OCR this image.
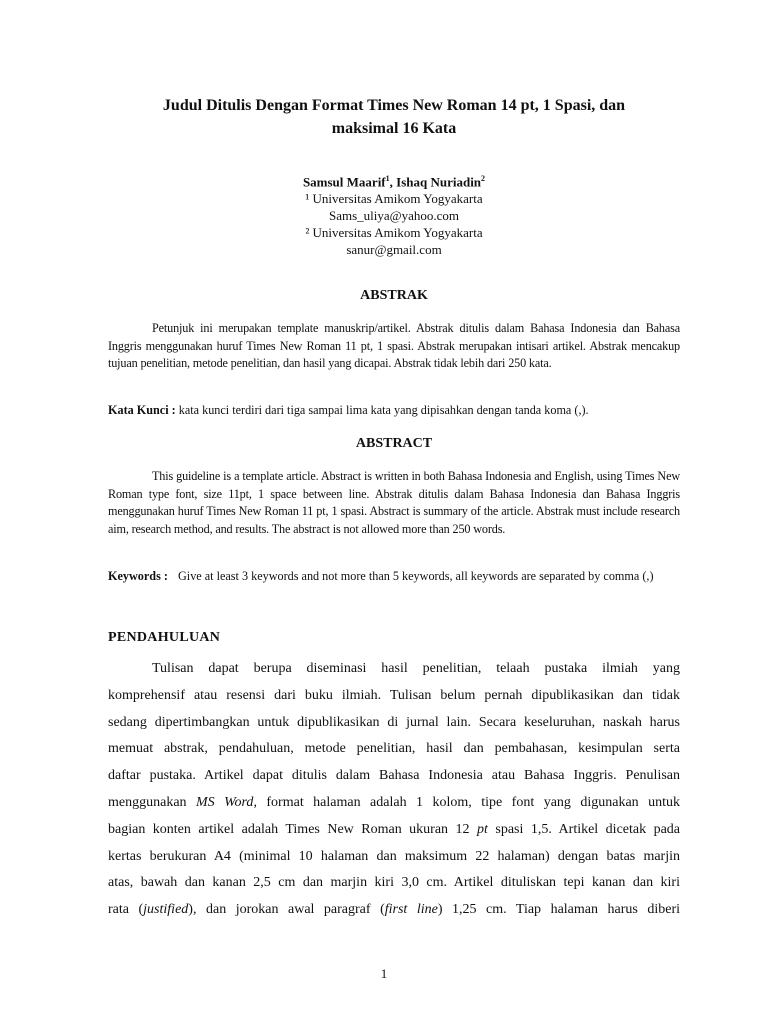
Judul Ditulis Dengan Format Times New Roman 14 pt, 1 Spasi, dan
maksimal 16 Kata
Samsul Maarif$^1$, Ishaq Nuriadin$^2$
¹ Universitas Amikom Yogyakarta
Sams_uliya@yahoo.com
² Universitas Amikom Yogyakarta
sanur@gmail.com
ABSTRAK
Petunjuk ini merupakan template manuskrip/artikel. Abstrak ditulis dalam Bahasa Indonesia dan Bahasa Inggris menggunakan huruf Times New Roman 11 pt, 1 spasi. Abstrak merupakan intisari artikel. Abstrak mencakup tujuan penelitian, metode penelitian, dan hasil yang dicapai. Abstrak tidak lebih dari 250 kata.
Kata Kunci : kata kunci terdiri dari tiga sampai lima kata yang dipisahkan dengan tanda koma (,).
ABSTRACT
This guideline is a template article. Abstract is written in both Bahasa Indonesia and English, using Times New Roman type font, size 11pt, 1 space between line. Abstrak ditulis dalam Bahasa Indonesia dan Bahasa Inggris menggunakan huruf Times New Roman 11 pt, 1 spasi. Abstract is summary of the article. Abstrak must include research aim, research method, and results. The abstract is not allowed more than 250 words.
Keywords : Give at least 3 keywords and not more than 5 keywords, all keywords are separated by comma (,)
PENDAHULUAN
Tulisan dapat berupa diseminasi hasil penelitian, telaah pustaka ilmiah yang
komprehensif atau resensi dari buku ilmiah. Tulisan belum pernah dipublikasikan dan tidak
sedang dipertimbangkan untuk dipublikasikan di jurnal lain. Secara keseluruhan, naskah harus
memuat abstrak, pendahuluan, metode penelitian, hasil dan pembahasan, kesimpulan serta
daftar pustaka. Artikel dapat ditulis dalam Bahasa Indonesia atau Bahasa Inggris. Penulisan
menggunakan MS Word, format halaman adalah 1 kolom, tipe font yang digunakan untuk
bagian konten artikel adalah Times New Roman ukuran 12 pt spasi 1,5. Artikel dicetak pada
kertas berukuran A4 (minimal 10 halaman dan maksimum 22 halaman) dengan batas marjin
atas, bawah dan kanan 2,5 cm dan marjin kiri 3,0 cm. Artikel dituliskan tepi kanan dan kiri
rata (justified), dan jorokan awal paragraf (first line) 1,25 cm. Tiap halaman harus diberi
1
